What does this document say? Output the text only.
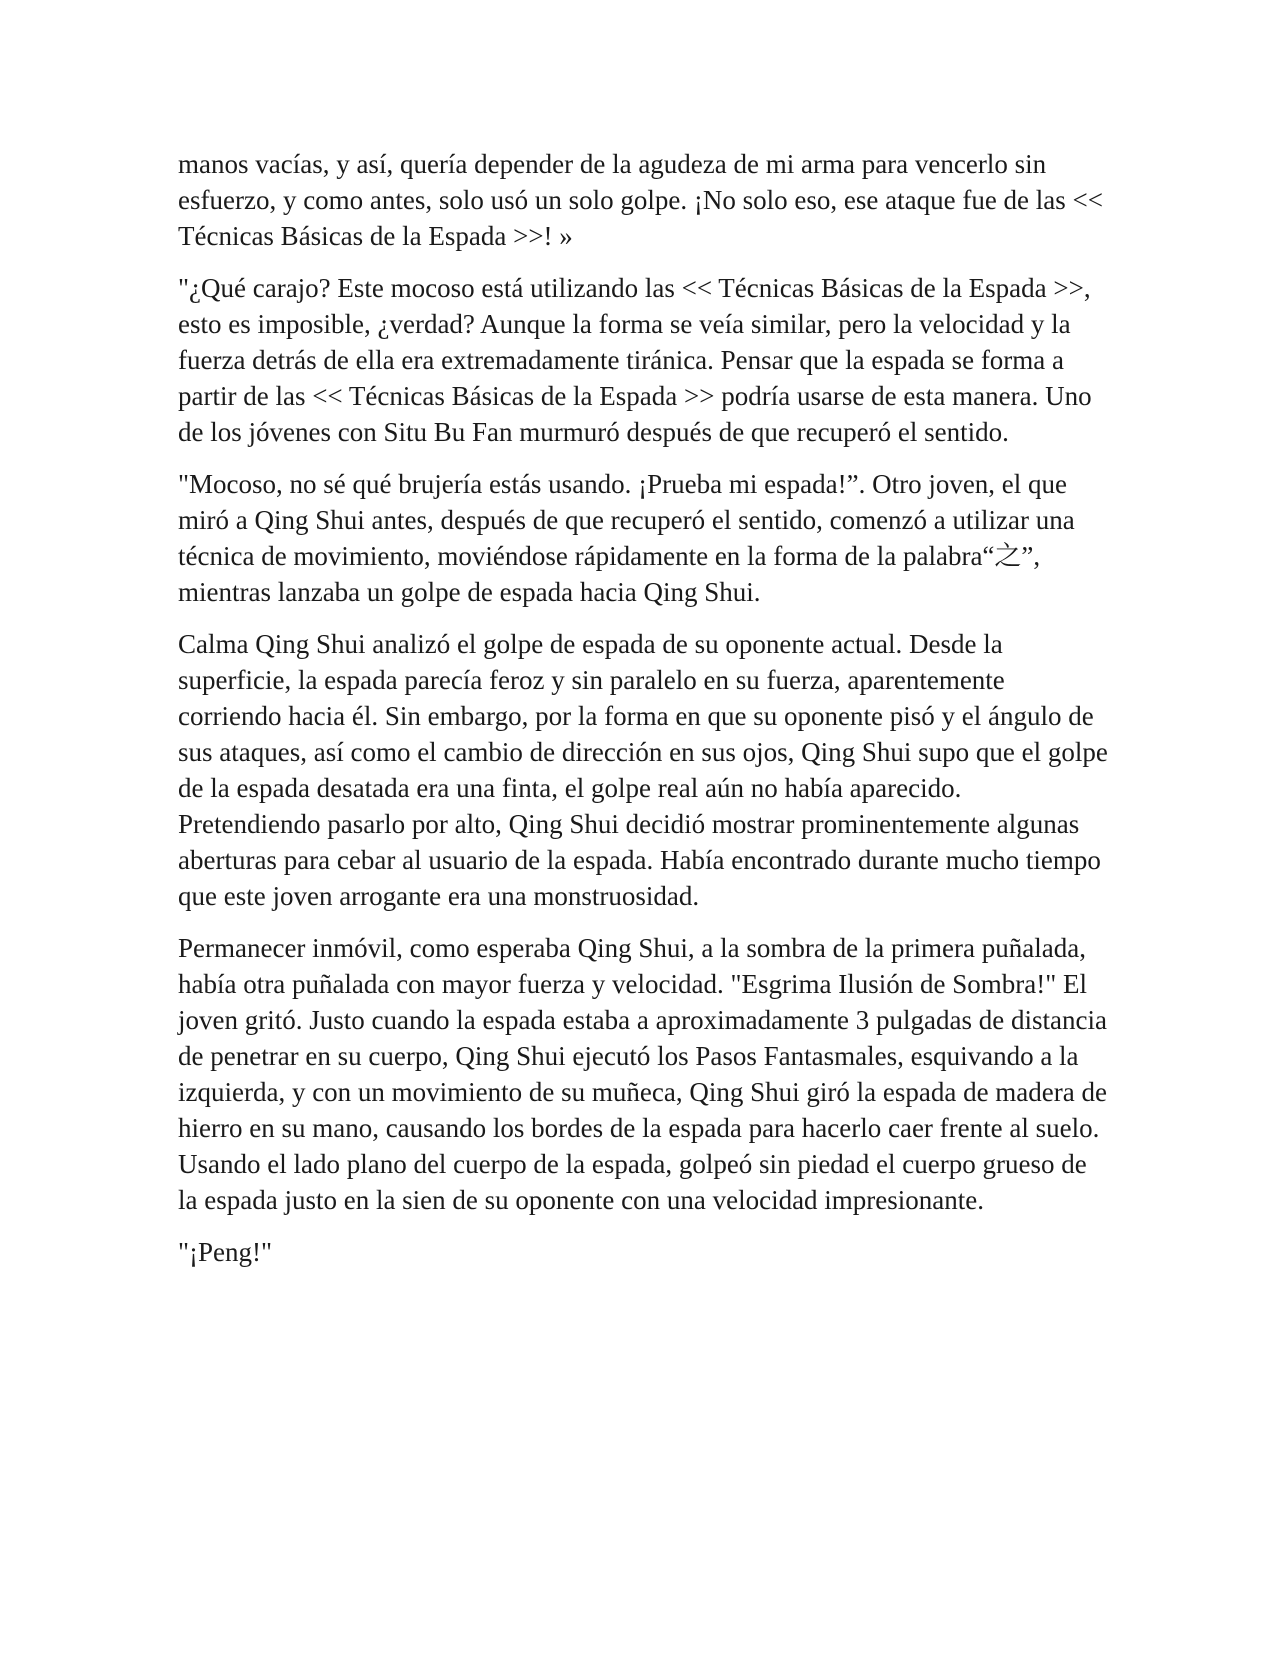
manos vacías, y así, quería depender de la agudeza de mi arma para vencerlo sin esfuerzo, y como antes, solo usó un solo golpe. ¡No solo eso, ese ataque fue de las << Técnicas Básicas de la Espada >>! »

"¿Qué carajo? Este mocoso está utilizando las << Técnicas Básicas de la Espada >>, esto es imposible, ¿verdad? Aunque la forma se veía similar, pero la velocidad y la fuerza detrás de ella era extremadamente tiránica. Pensar que la espada se forma a partir de las << Técnicas Básicas de la Espada >> podría usarse de esta manera. Uno de los jóvenes con Situ Bu Fan murmuró después de que recuperó el sentido.

"Mocoso, no sé qué brujería estás usando. ¡Prueba mi espada!”. Otro joven, el que miró a Qing Shui antes, después de que recuperó el sentido, comenzó a utilizar una técnica de movimiento, moviéndose rápidamente en la forma de la palabra“之”, mientras lanzaba un golpe de espada hacia Qing Shui.

Calma Qing Shui analizó el golpe de espada de su oponente actual. Desde la superficie, la espada parecía feroz y sin paralelo en su fuerza, aparentemente corriendo hacia él. Sin embargo, por la forma en que su oponente pisó y el ángulo de sus ataques, así como el cambio de dirección en sus ojos, Qing Shui supo que el golpe de la espada desatada era una finta, el golpe real aún no había aparecido. Pretendiendo pasarlo por alto, Qing Shui decidió mostrar prominentemente algunas aberturas para cebar al usuario de la espada. Había encontrado durante mucho tiempo que este joven arrogante era una monstruosidad.

Permanecer inmóvil, como esperaba Qing Shui, a la sombra de la primera puñalada, había otra puñalada con mayor fuerza y velocidad. "Esgrima Ilusión de Sombra!" El joven gritó. Justo cuando la espada estaba a aproximadamente 3 pulgadas de distancia de penetrar en su cuerpo, Qing Shui ejecutó los Pasos Fantasmales, esquivando a la izquierda, y con un movimiento de su muñeca, Qing Shui giró la espada de madera de hierro en su mano, causando los bordes de la espada para hacerlo caer frente al suelo. Usando el lado plano del cuerpo de la espada, golpeó sin piedad el cuerpo grueso de la espada justo en la sien de su oponente con una velocidad impresionante.

"¡Peng!"
